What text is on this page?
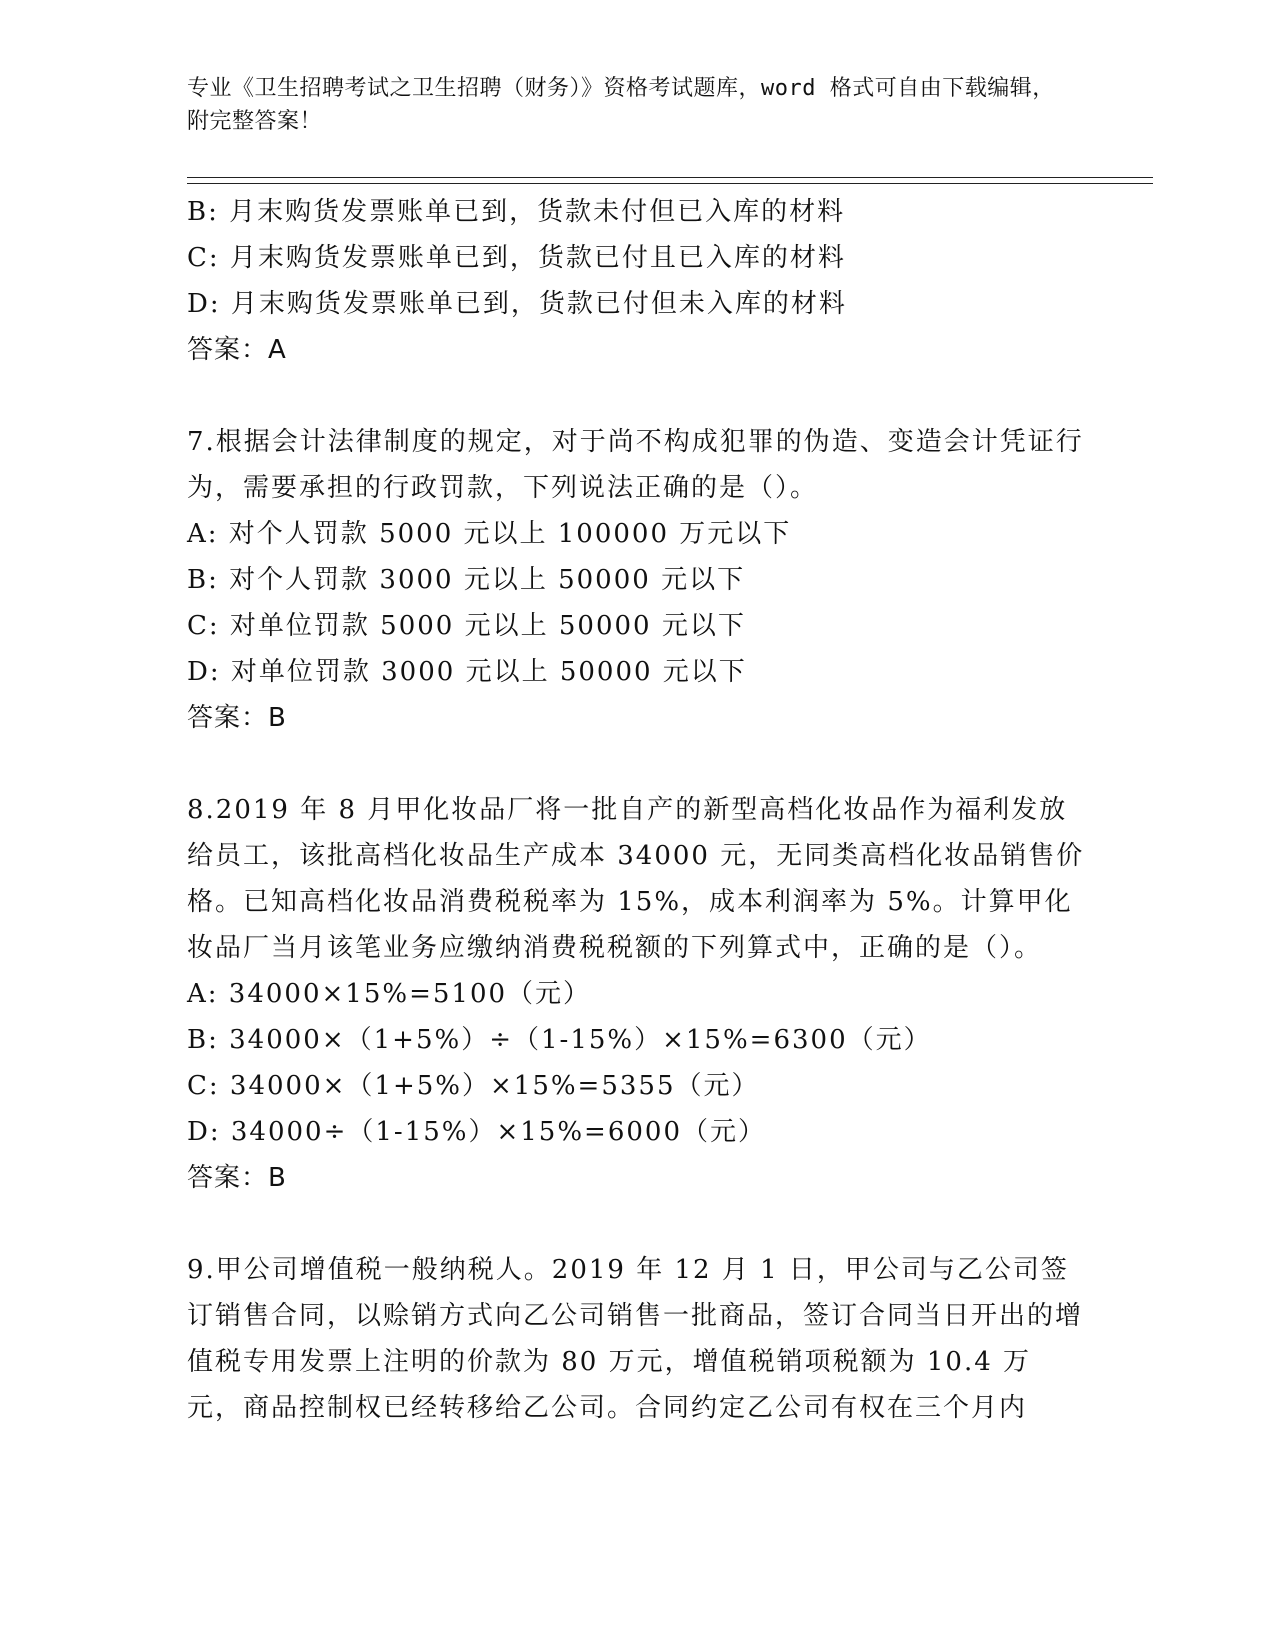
专业《卫生招聘考试之卫生招聘（财务）》资格考试题库，word 格式可自由下载编辑，附完整答案！
B: 月末购货发票账单已到，货款未付但已入库的材料
C: 月末购货发票账单已到，货款已付且已入库的材料
D: 月末购货发票账单已到，货款已付但未入库的材料
答案：A
7.根据会计法律制度的规定，对于尚不构成犯罪的伪造、变造会计凭证行为，需要承担的行政罚款，下列说法正确的是（）。
A: 对个人罚款 5000 元以上 100000 万元以下
B: 对个人罚款 3000 元以上 50000 元以下
C: 对单位罚款 5000 元以上 50000 元以下
D: 对单位罚款 3000 元以上 50000 元以下
答案：B
8.2019 年 8 月甲化妆品厂将一批自产的新型高档化妆品作为福利发放给员工，该批高档化妆品生产成本 34000 元，无同类高档化妆品销售价格。已知高档化妆品消费税税率为 15%，成本利润率为 5%。计算甲化妆品厂当月该笔业务应缴纳消费税税额的下列算式中，正确的是（）。
A: 34000×15%=5100（元）
B: 34000×（1+5%）÷（1-15%）×15%=6300（元）
C: 34000×（1+5%）×15%=5355（元）
D: 34000÷（1-15%）×15%=6000（元）
答案：B
9.甲公司增值税一般纳税人。2019 年 12 月 1 日，甲公司与乙公司签订销售合同，以赊销方式向乙公司销售一批商品，签订合同当日开出的增值税专用发票上注明的价款为 80 万元，增值税销项税额为 10.4 万元，商品控制权已经转移给乙公司。合同约定乙公司有权在三个月内
